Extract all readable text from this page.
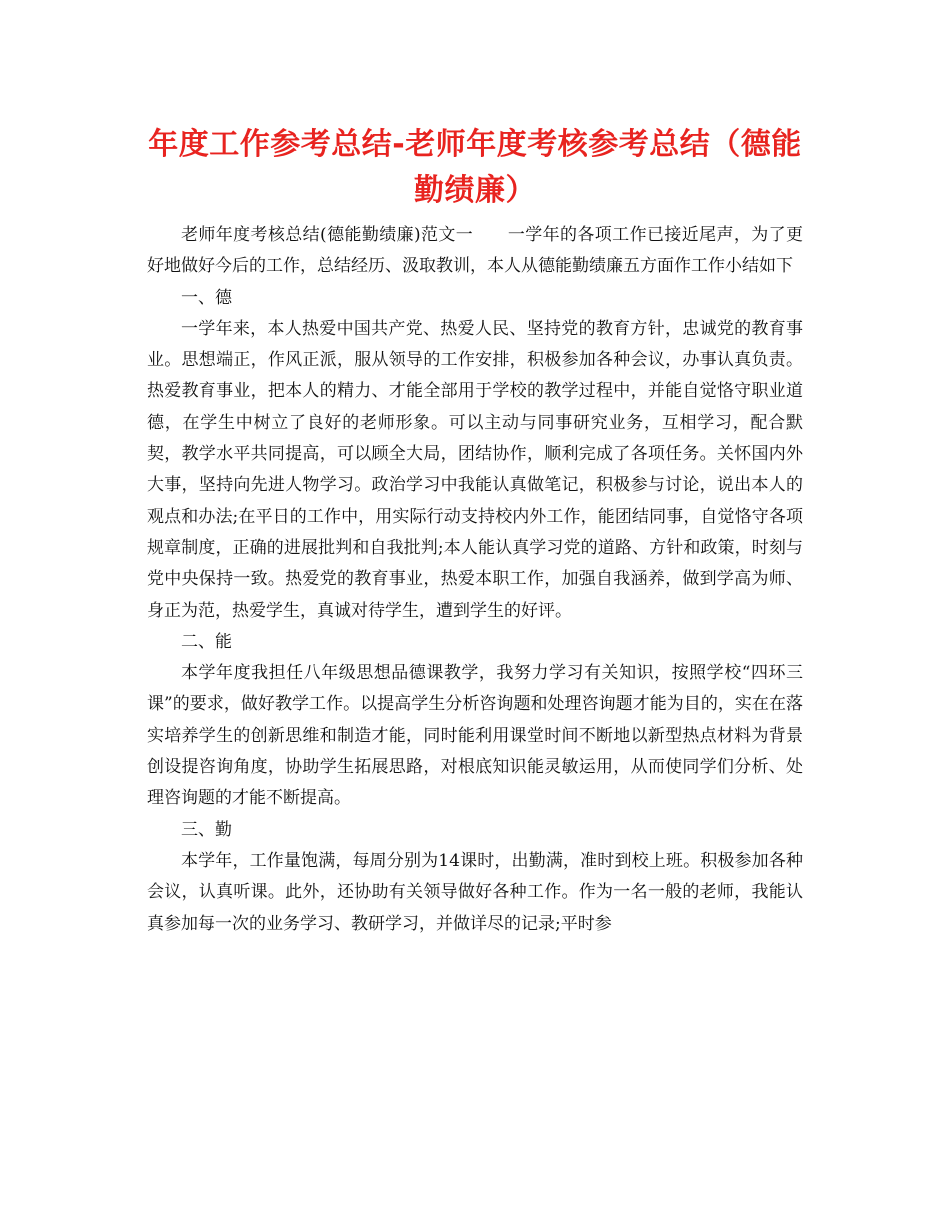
年度工作参考总结-老师年度考核参考总结（德能勤绩廉）

老师年度考核总结(德能勤绩廉)范文一　　一学年的各项工作已接近尾声，为了更好地做好今后的工作，总结经历、汲取教训，本人从德能勤绩廉五方面作工作小结如下

一、德

一学年来，本人热爱中国共产党、热爱人民、坚持党的教育方针，忠诚党的教育事业。思想端正，作风正派，服从领导的工作安排，积极参加各种会议，办事认真负责。热爱教育事业，把本人的精力、才能全部用于学校的教学过程中，并能自觉恪守职业道德，在学生中树立了良好的老师形象。可以主动与同事研究业务，互相学习，配合默契，教学水平共同提高，可以顾全大局，团结协作，顺利完成了各项任务。关怀国内外大事，坚持向先进人物学习。政治学习中我能认真做笔记，积极参与讨论，说出本人的观点和办法;在平日的工作中，用实际行动支持校内外工作，能团结同事，自觉恪守各项规章制度，正确的进展批判和自我批判;本人能认真学习党的道路、方针和政策，时刻与党中央保持一致。热爱党的教育事业，热爱本职工作，加强自我涵养，做到学高为师、身正为范，热爱学生，真诚对待学生，遭到学生的好评。

二、能

本学年度我担任八年级思想品德课教学，我努力学习有关知识，按照学校“四环三课”的要求，做好教学工作。以提高学生分析咨询题和处理咨询题才能为目的，实在在落实培养学生的创新思维和制造才能，同时能利用课堂时间不断地以新型热点材料为背景创设提咨询角度，协助学生拓展思路，对根底知识能灵敏运用，从而使同学们分析、处理咨询题的才能不断提高。

三、勤

本学年，工作量饱满，每周分别为14课时，出勤满，准时到校上班。积极参加各种会议，认真听课。此外，还协助有关领导做好各种工作。作为一名一般的老师，我能认真参加每一次的业务学习、教研学习，并做详尽的记录;平时参
